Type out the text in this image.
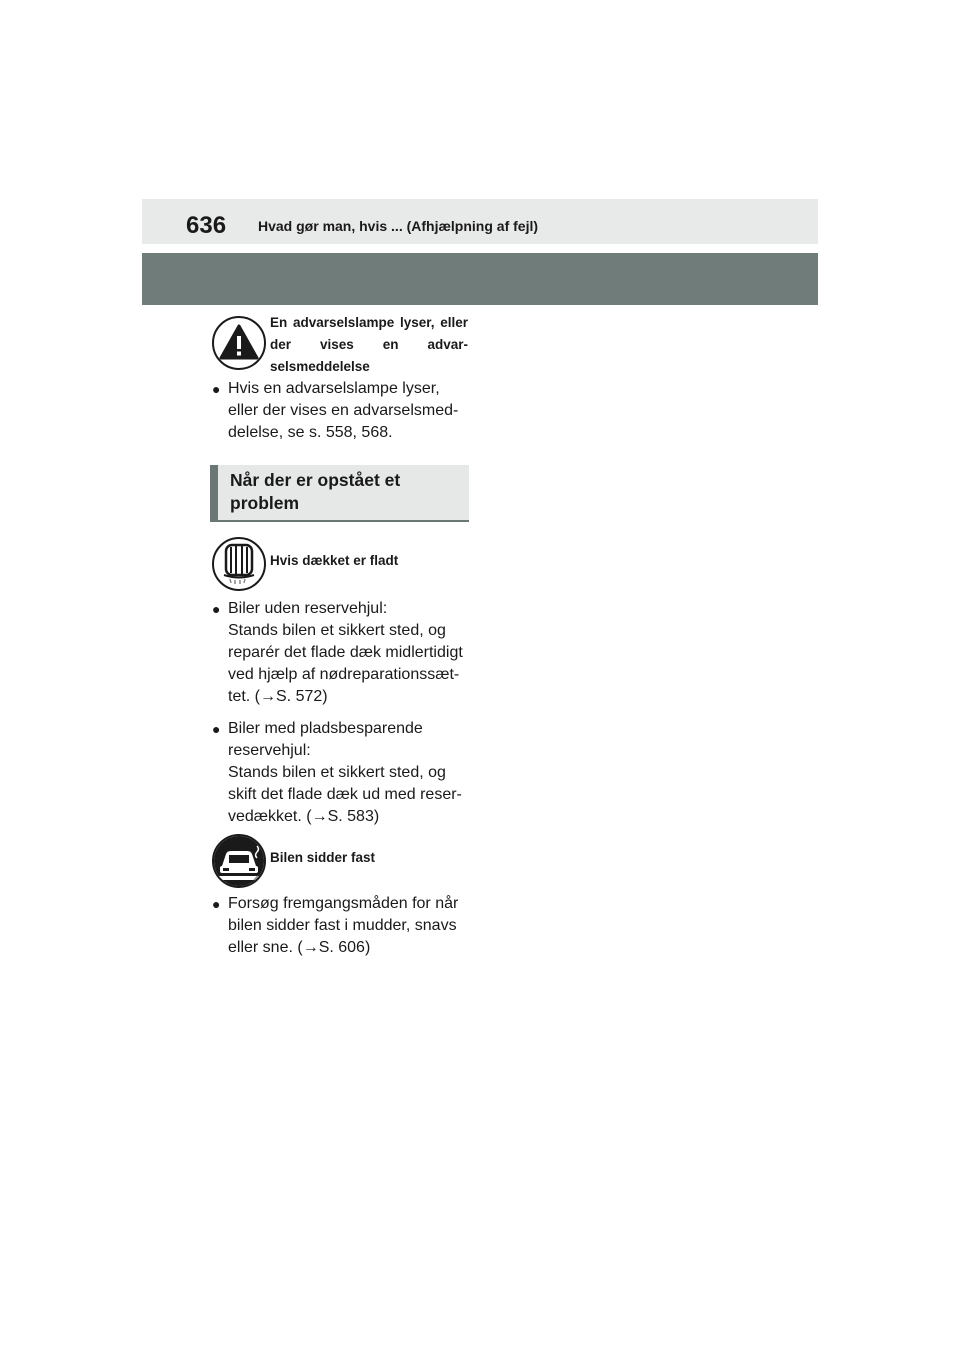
636 Hvad gør man, hvis ... (Afhjælpning af fejl)
En advarselslampe lyser, eller der vises en advar-selsmeddelelse
● Hvis en advarselslampe lyser,
eller der vises en advarselsmed-
delelse, se s. 558, 568.
Når der er opstået et problem
Hvis dækket er fladt
● Biler uden reservehjul:
Stands bilen et sikkert sted, og
reparér det flade dæk midlertidigt
ved hjælp af nødreparationssæt-
tet. (→S. 572)
● Biler med pladsbesparende
reservehjul:
Stands bilen et sikkert sted, og
skift det flade dæk ud med reser-
vedækket. (→S. 583)
Bilen sidder fast
● Forsøg fremgangsmåden for når
bilen sidder fast i mudder, snavs
eller sne. (→S. 606)
